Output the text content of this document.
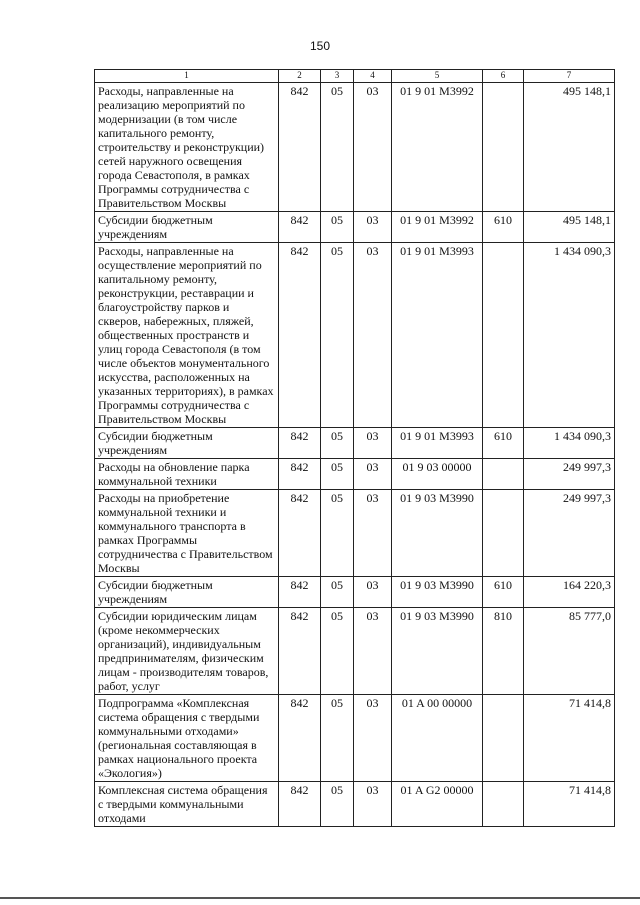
150
1	2	3	4	5	6	7
Расходы, направленные на реализацию мероприятий по модернизации (в том числе капитального ремонту, строительству и реконструкции) сетей наружного освещения города Севастополя, в рамках Программы сотрудничества с Правительством Москвы	842	05	03	01 9 01 M3992		495 148,1
Субсидии бюджетным учреждениям	842	05	03	01 9 01 M3992	610	495 148,1
Расходы, направленные на осуществление мероприятий по капитальному ремонту, реконструкции, реставрации и благоустройству парков и скверов, набережных, пляжей, общественных пространств и улиц города Севастополя (в том числе объектов монументального искусства, расположенных на указанных территориях), в рамках Программы сотрудничества с Правительством Москвы	842	05	03	01 9 01 M3993		1 434 090,3
Субсидии бюджетным учреждениям	842	05	03	01 9 01 M3993	610	1 434 090,3
Расходы на обновление парка коммунальной техники	842	05	03	01 9 03 00000		249 997,3
Расходы на приобретение коммунальной техники и коммунального транспорта в рамках Программы сотрудничества с Правительством Москвы	842	05	03	01 9 03 M3990		249 997,3
Субсидии бюджетным учреждениям	842	05	03	01 9 03 M3990	610	164 220,3
Субсидии юридическим лицам (кроме некоммерческих организаций), индивидуальным предпринимателям, физическим лицам - производителям товаров, работ, услуг	842	05	03	01 9 03 M3990	810	85 777,0
Подпрограмма «Комплексная система обращения с твердыми коммунальными отходами» (региональная составляющая в рамках национального проекта «Экология»)	842	05	03	01 A 00 00000		71 414,8
Комплексная система обращения с твердыми коммунальными отходами	842	05	03	01 A G2 00000		71 414,8
